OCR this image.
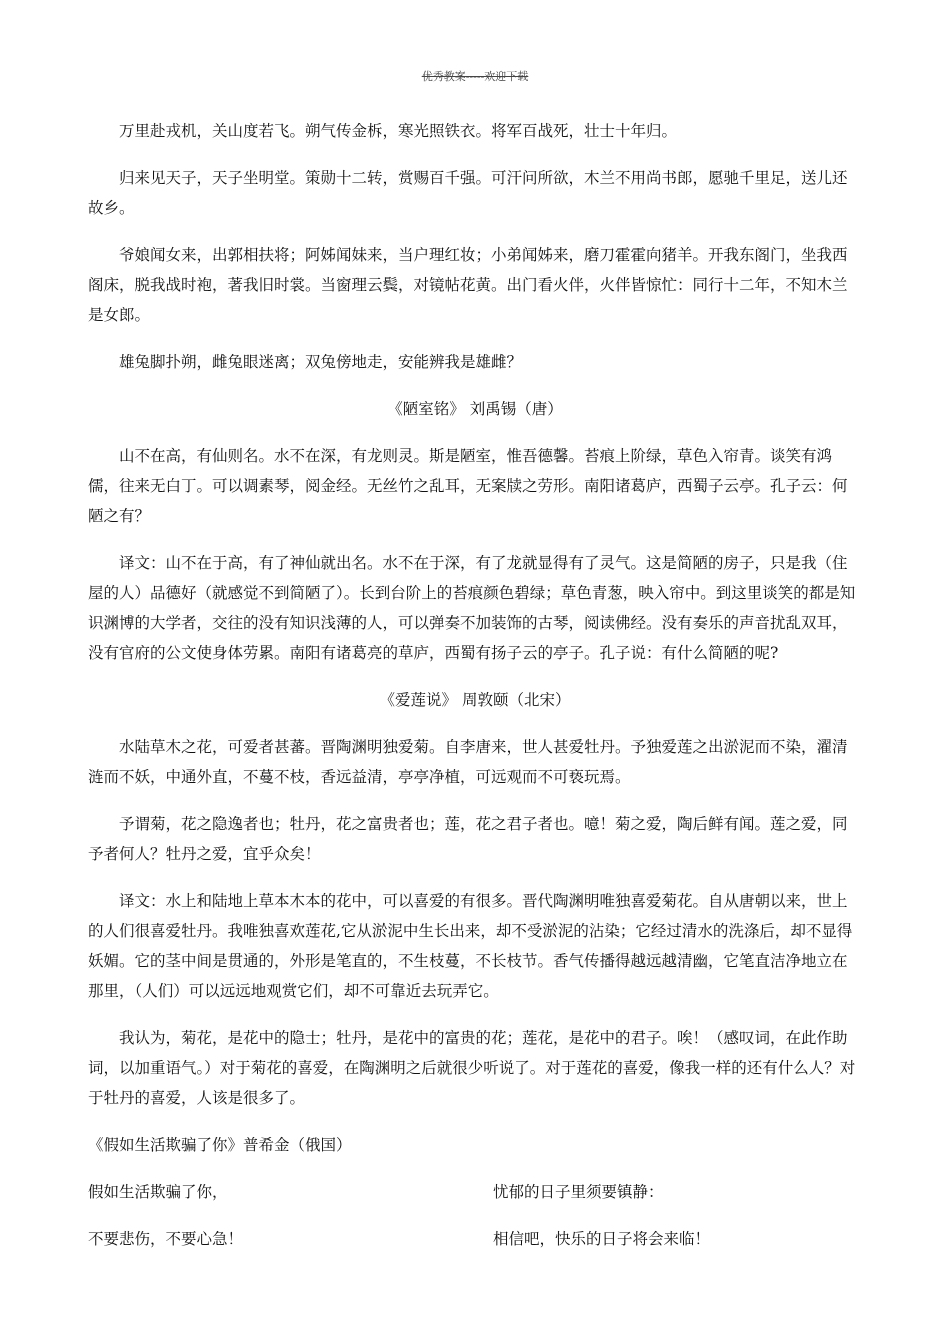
优秀教案-----欢迎下载

万里赴戎机，关山度若飞。朔气传金柝，寒光照铁衣。将军百战死，壮士十年归。

归来见天子，天子坐明堂。策勋十二转，赏赐百千强。可汗问所欲，木兰不用尚书郎，愿驰千里足，送儿还故乡。

爷娘闻女来，出郭相扶将；阿姊闻妹来，当户理红妆；小弟闻姊来，磨刀霍霍向猪羊。开我东阁门，坐我西阁床，脱我战时袍，著我旧时裳。当窗理云鬓，对镜帖花黄。出门看火伴，火伴皆惊忙：同行十二年，不知木兰是女郎。

雄兔脚扑朔，雌兔眼迷离；双兔傍地走，安能辨我是雄雌？

《陋室铭》 刘禹锡（唐）

山不在高，有仙则名。水不在深，有龙则灵。斯是陋室，惟吾德馨。苔痕上阶绿，草色入帘青。谈笑有鸿儒，往来无白丁。可以调素琴，阅金经。无丝竹之乱耳，无案牍之劳形。南阳诸葛庐，西蜀子云亭。孔子云：何陋之有？

译文：山不在于高，有了神仙就出名。水不在于深，有了龙就显得有了灵气。这是简陋的房子，只是我（住屋的人）品德好（就感觉不到简陋了）。长到台阶上的苔痕颜色碧绿；草色青葱，映入帘中。到这里谈笑的都是知识渊博的大学者，交往的没有知识浅薄的人，可以弹奏不加装饰的古琴，阅读佛经。没有奏乐的声音扰乱双耳，没有官府的公文使身体劳累。南阳有诸葛亮的草庐，西蜀有扬子云的亭子。孔子说：有什么简陋的呢?

《爱莲说》 周敦颐（北宋）

水陆草木之花，可爱者甚蕃。晋陶渊明独爱菊。自李唐来，世人甚爱牡丹。予独爱莲之出淤泥而不染，濯清涟而不妖，中通外直，不蔓不枝，香远益清，亭亭净植，可远观而不可亵玩焉。

予谓菊，花之隐逸者也；牡丹，花之富贵者也；莲，花之君子者也。噫！菊之爱，陶后鲜有闻。莲之爱，同予者何人？牡丹之爱，宜乎众矣！

译文：水上和陆地上草本木本的花中，可以喜爱的有很多。晋代陶渊明唯独喜爱菊花。自从唐朝以来，世上的人们很喜爱牡丹。我唯独喜欢莲花,它从淤泥中生长出来，却不受淤泥的沾染；它经过清水的洗涤后，却不显得妖媚。它的茎中间是贯通的，外形是笔直的，不生枝蔓，不长枝节。香气传播得越远越清幽，它笔直洁净地立在那里，（人们）可以远远地观赏它们，却不可靠近去玩弄它。

我认为，菊花，是花中的隐士；牡丹，是花中的富贵的花；莲花，是花中的君子。唉！（感叹词，在此作助词，以加重语气。）对于菊花的喜爱，在陶渊明之后就很少听说了。对于莲花的喜爱，像我一样的还有什么人？对于牡丹的喜爱，人该是很多了。

《假如生活欺骗了你》普希金（俄国）

假如生活欺骗了你，	忧郁的日子里须要镇静：
不要悲伤，不要心急！	相信吧，快乐的日子将会来临！
